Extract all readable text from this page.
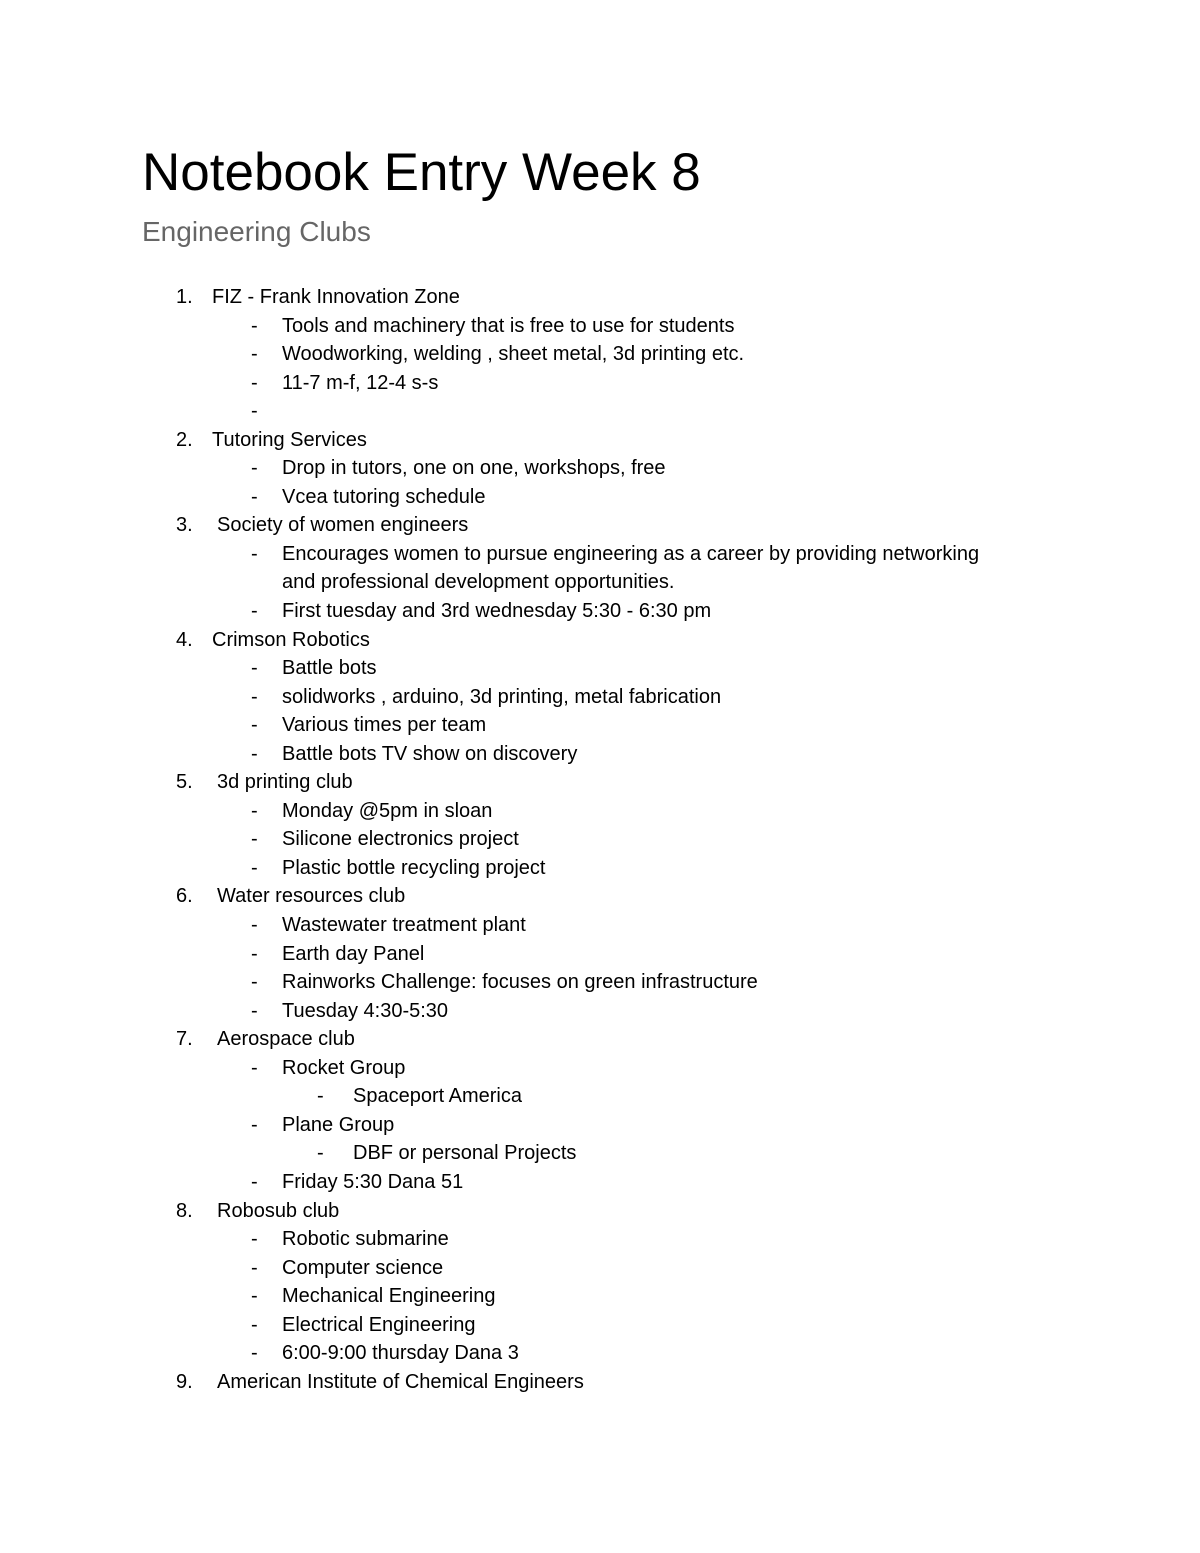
Notebook Entry Week 8
Engineering Clubs
1. FIZ - Frank Innovation Zone
- Tools and machinery that is free to use for students
- Woodworking, welding , sheet metal, 3d printing etc.
- 11-7 m-f, 12-4 s-s
-
2. Tutoring Services
- Drop in tutors, one on one, workshops, free
- Vcea tutoring schedule
3. Society of women engineers
- Encourages women to pursue engineering as a career by providing networking
and professional development opportunities.
- First tuesday and 3rd wednesday 5:30 - 6:30 pm
4. Crimson Robotics
- Battle bots
- solidworks , arduino, 3d printing, metal fabrication
- Various times per team
- Battle bots TV show on discovery
5. 3d printing club
- Monday @5pm in sloan
- Silicone electronics project
- Plastic bottle recycling project
6. Water resources club
- Wastewater treatment plant
- Earth day Panel
- Rainworks Challenge: focuses on green infrastructure
- Tuesday 4:30-5:30
7. Aerospace club
- Rocket Group
- Spaceport America
- Plane Group
- DBF or personal Projects
- Friday 5:30 Dana 51
8. Robosub club
- Robotic submarine
- Computer science
- Mechanical Engineering
- Electrical Engineering
- 6:00-9:00 thursday Dana 3
9. American Institute of Chemical Engineers
